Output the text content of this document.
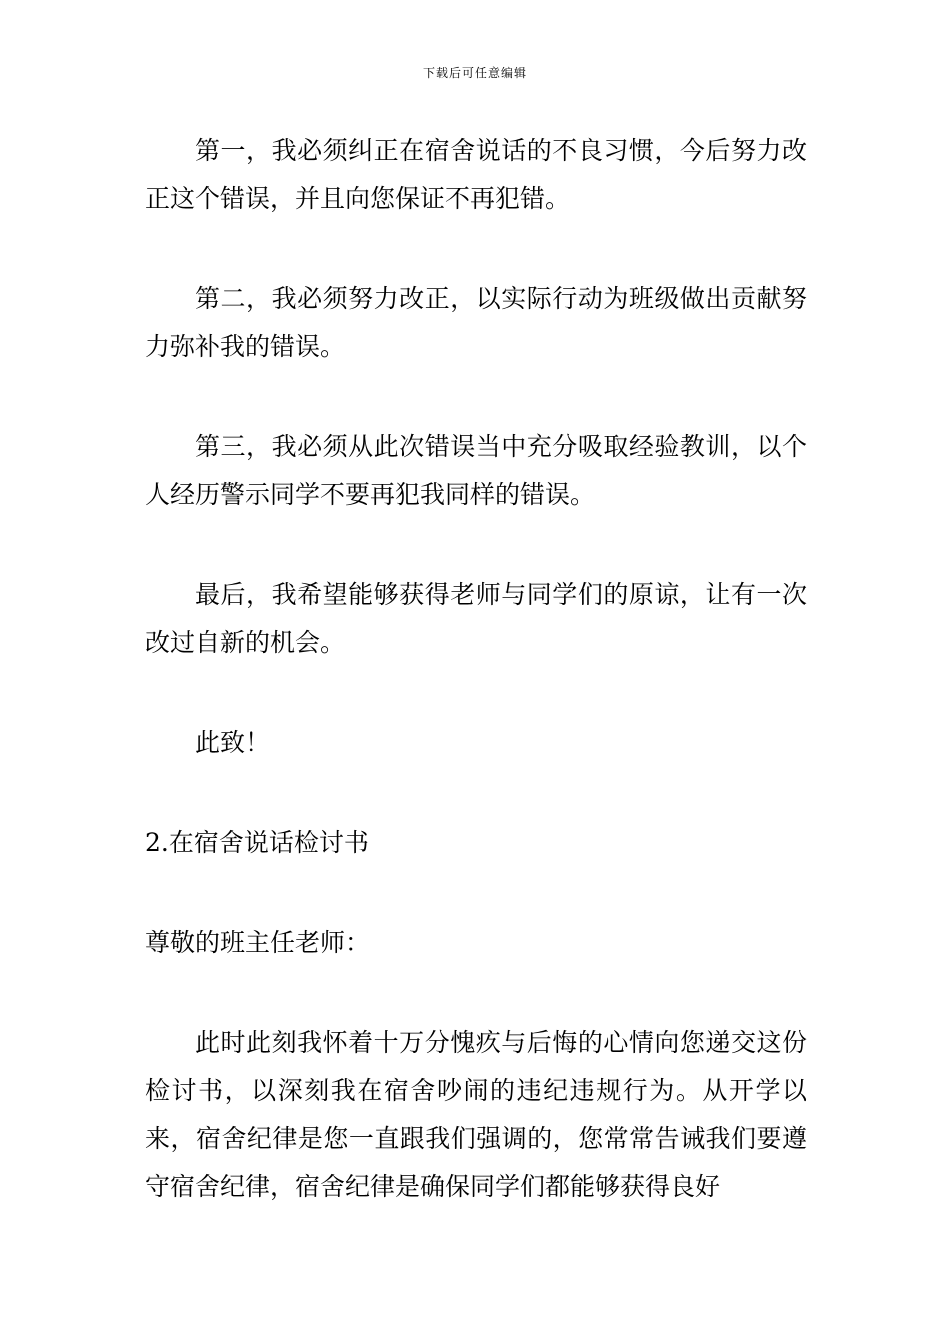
下载后可任意编辑

第一，我必须纠正在宿舍说话的不良习惯，今后努力改正这个错误，并且向您保证不再犯错。

第二，我必须努力改正，以实际行动为班级做出贡献努力弥补我的错误。

第三，我必须从此次错误当中充分吸取经验教训，以个人经历警示同学不要再犯我同样的错误。

最后，我希望能够获得老师与同学们的原谅，让有一次改过自新的机会。

此致！

2.在宿舍说话检讨书

尊敬的班主任老师：

此时此刻我怀着十万分愧疚与后悔的心情向您递交这份检讨书，以深刻我在宿舍吵闹的违纪违规行为。从开学以来，宿舍纪律是您一直跟我们强调的，您常常告诫我们要遵守宿舍纪律，宿舍纪律是确保同学们都能够获得良好
